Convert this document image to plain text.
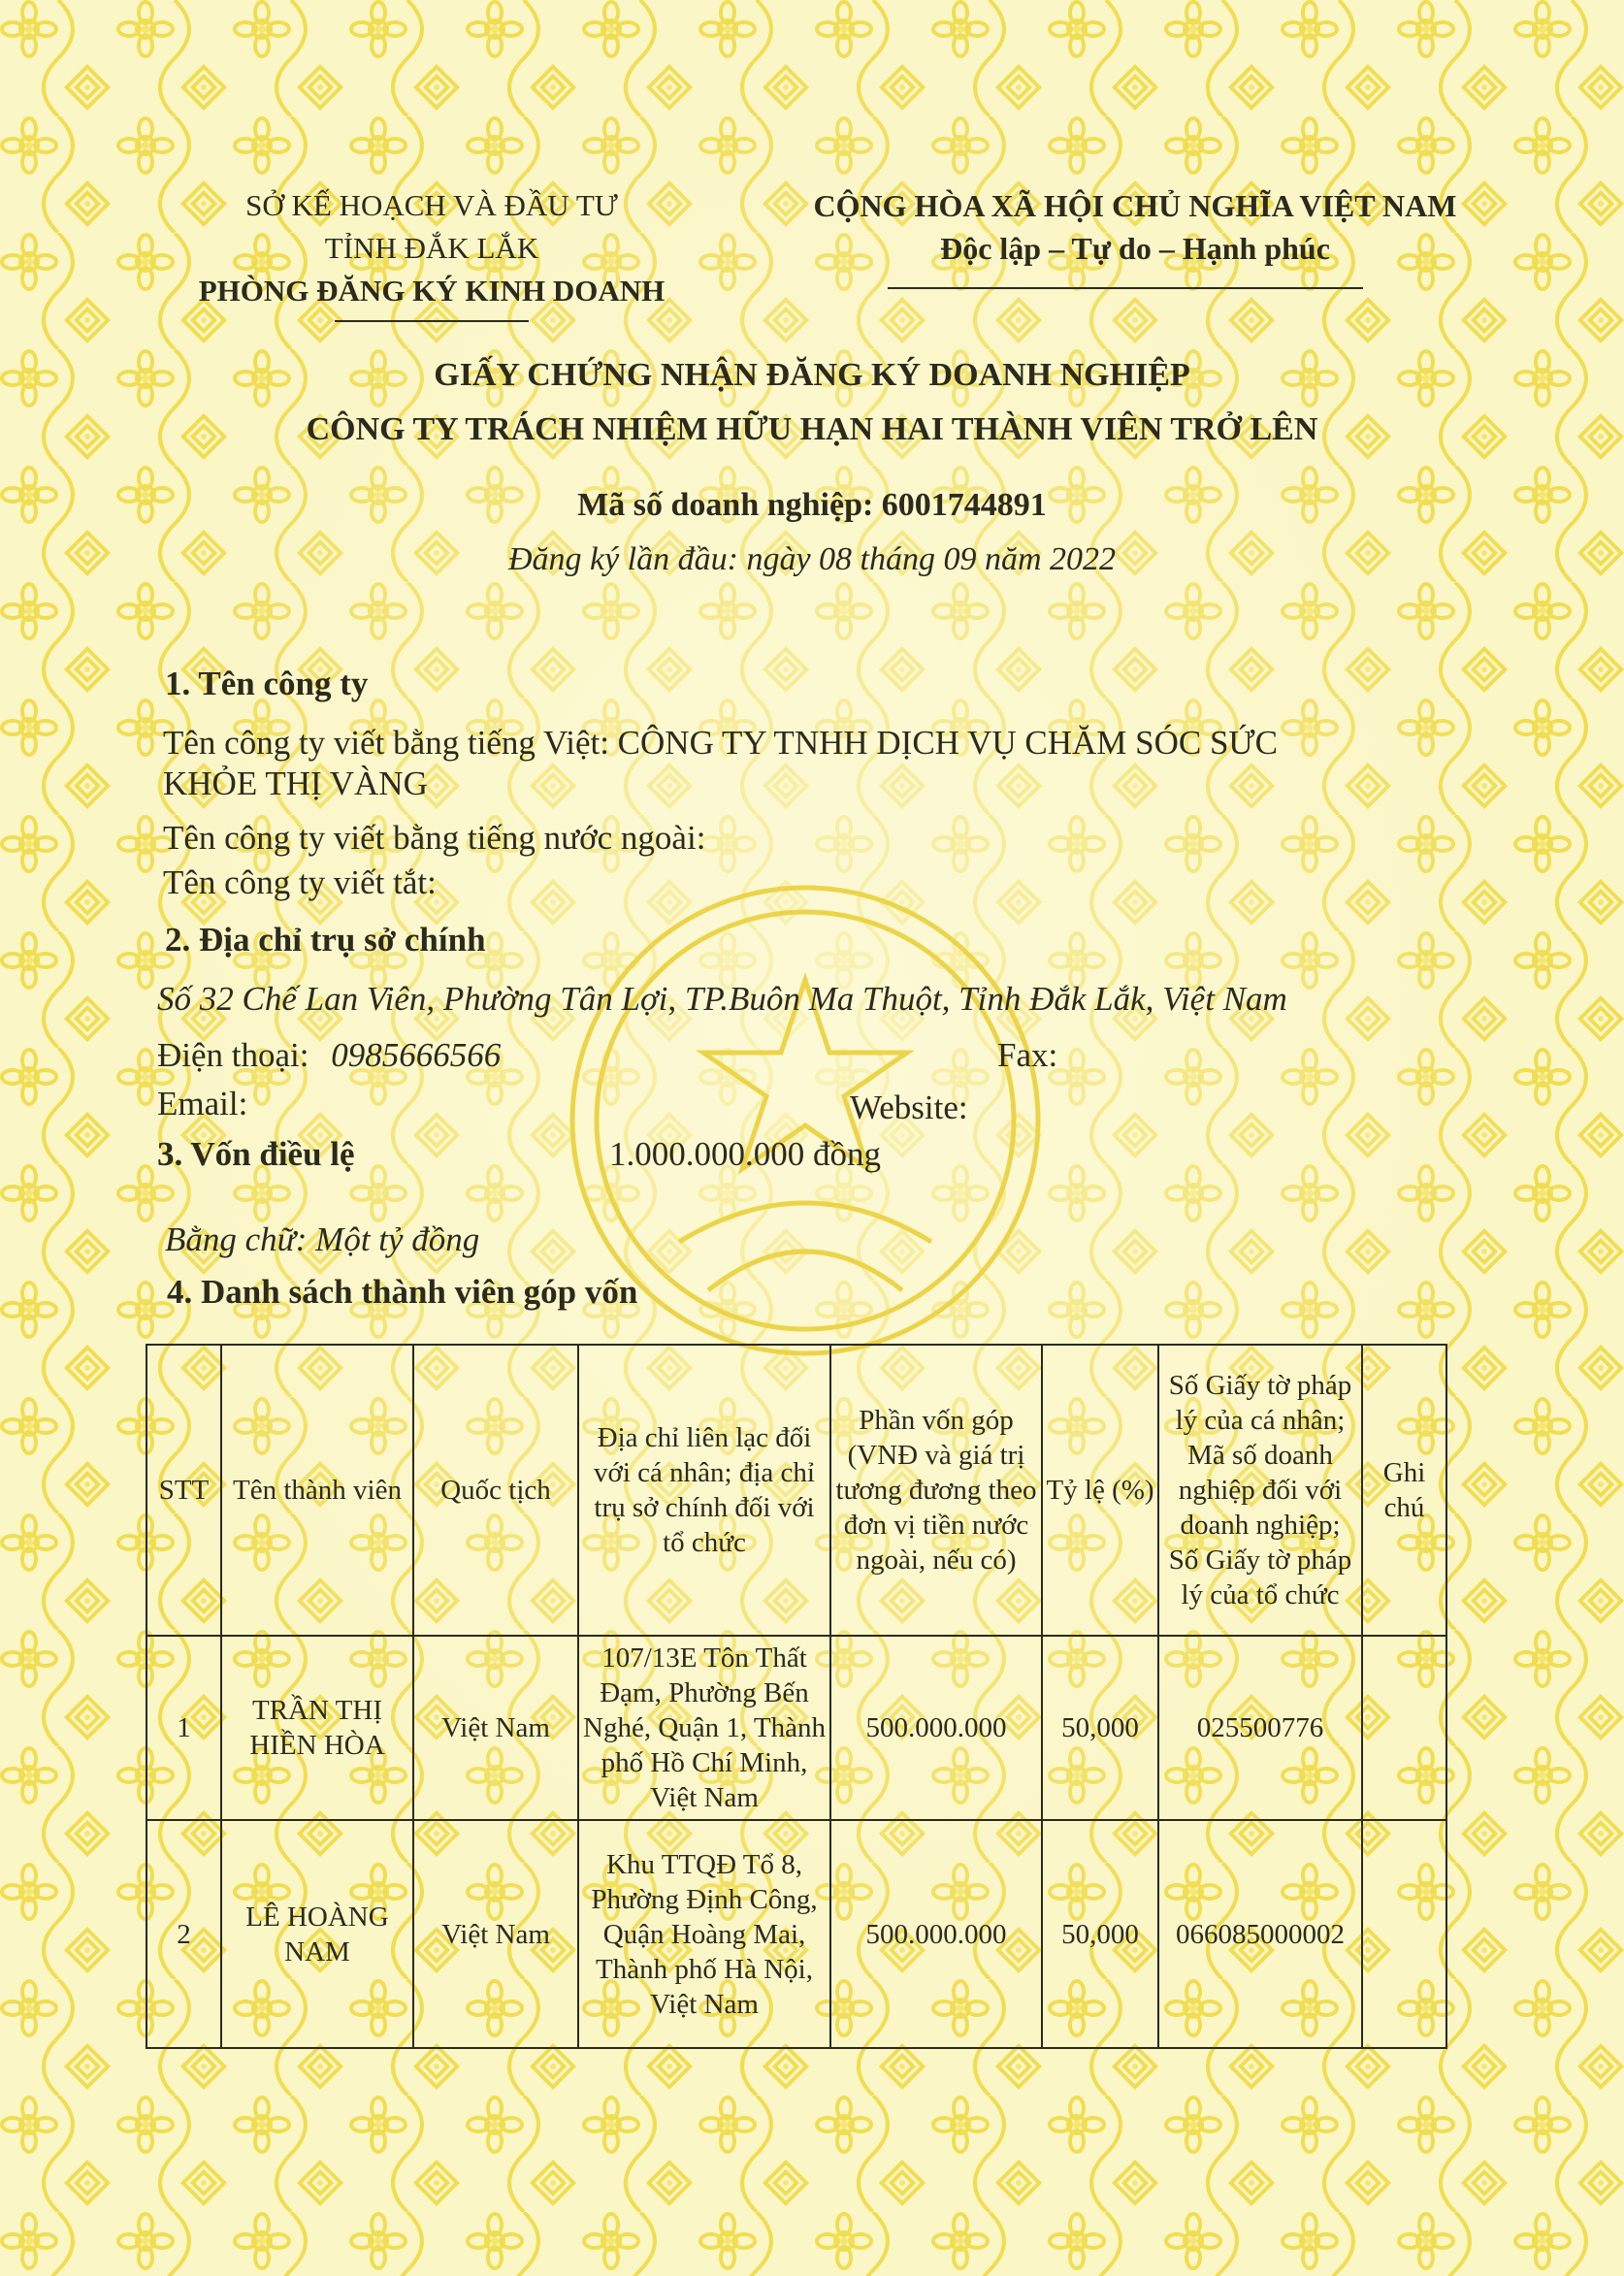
SỞ KẾ HOẠCH VÀ ĐẦU TƯ
TỈNH ĐẮK LẮK
PHÒNG ĐĂNG KÝ KINH DOANH
CỘNG HÒA XÃ HỘI CHỦ NGHĨA VIỆT NAM
Độc lập – Tự do – Hạnh phúc
GIẤY CHỨNG NHẬN ĐĂNG KÝ DOANH NGHIỆP
CÔNG TY TRÁCH NHIỆM HỮU HẠN HAI THÀNH VIÊN TRỞ LÊN
Mã số doanh nghiệp: 6001744891
Đăng ký lần đầu: ngày 08 tháng 09 năm 2022
1. Tên công ty
Tên công ty viết bằng tiếng Việt: CÔNG TY TNHH DỊCH VỤ CHĂM SÓC SỨC
KHỎE THỊ VÀNG
Tên công ty viết bằng tiếng nước ngoài:
Tên công ty viết tắt:
2. Địa chỉ trụ sở chính
Số 32 Chế Lan Viên, Phường Tân Lợi, TP.Buôn Ma Thuột, Tỉnh Đắk Lắk, Việt Nam
Điện thoại: 0985666566	Fax:
Email:	Website:
3. Vốn điều lệ	1.000.000.000 đồng
Bằng chữ: Một tỷ đồng
4. Danh sách thành viên góp vốn
STT	Tên thành viên	Quốc tịch	Địa chỉ liên lạc đối với cá nhân; địa chỉ trụ sở chính đối với tổ chức	Phần vốn góp (VNĐ và giá trị tương đương theo đơn vị tiền nước ngoài, nếu có)	Tỷ lệ (%)	Số Giấy tờ pháp lý của cá nhân; Mã số doanh nghiệp đối với doanh nghiệp; Số Giấy tờ pháp lý của tổ chức	Ghi chú
1	TRẦN THỊ HIỀN HÒA	Việt Nam	107/13E Tôn Thất Đạm, Phường Bến Nghé, Quận 1, Thành phố Hồ Chí Minh, Việt Nam	500.000.000	50,000	025500776	
2	LÊ HOÀNG NAM	Việt Nam	Khu TTQĐ Tổ 8, Phường Định Công, Quận Hoàng Mai, Thành phố Hà Nội, Việt Nam	500.000.000	50,000	066085000002	
